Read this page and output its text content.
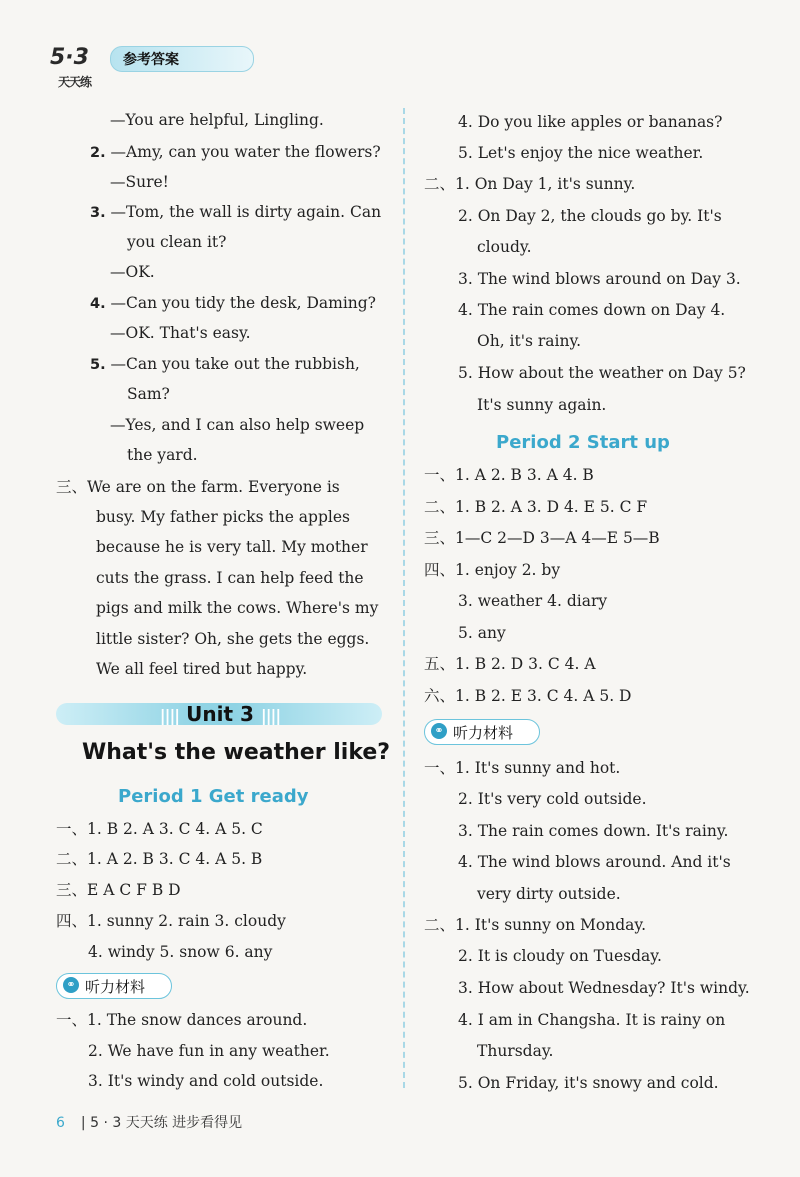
5·3
天天练
参考答案
—You are helpful, Lingling.
2. —Amy, can you water the flowers?
—Sure!
3. —Tom, the wall is dirty again. Can
you clean it?
—OK.
4. —Can you tidy the desk, Daming?
—OK. That's easy.
5. —Can you take out the rubbish,
Sam?
—Yes, and I can also help sweep
the yard.
三、We are on the farm. Everyone is
busy. My father picks the apples
because he is very tall. My mother
cuts the grass. I can help feed the
pigs and milk the cows. Where's my
little sister? Oh, she gets the eggs.
We all feel tired but happy.
|||| Unit 3 ||||
What's the weather like?
Period 1 Get ready
一、1. B 2. A 3. C 4. A 5. C
二、1. A 2. B 3. C 4. A 5. B
三、E A C F B D
四、1. sunny 2. rain 3. cloudy
4. windy 5. snow 6. any
⚭ 听力材料
一、1. The snow dances around.
2. We have fun in any weather.
3. It's windy and cold outside.
4. Do you like apples or bananas?
5. Let's enjoy the nice weather.
二、1. On Day 1, it's sunny.
2. On Day 2, the clouds go by. It's
cloudy.
3. The wind blows around on Day 3.
4. The rain comes down on Day 4.
Oh, it's rainy.
5. How about the weather on Day 5?
It's sunny again.
Period 2 Start up
一、1. A 2. B 3. A 4. B
二、1. B 2. A 3. D 4. E 5. C F
三、1—C 2—D 3—A 4—E 5—B
四、1. enjoy 2. by
3. weather 4. diary
5. any
五、1. B 2. D 3. C 4. A
六、1. B 2. E 3. C 4. A 5. D
⚭ 听力材料
一、1. It's sunny and hot.
2. It's very cold outside.
3. The rain comes down. It's rainy.
4. The wind blows around. And it's
very dirty outside.
二、1. It's sunny on Monday.
2. It is cloudy on Tuesday.
3. How about Wednesday? It's windy.
4. I am in Changsha. It is rainy on
Thursday.
5. On Friday, it's snowy and cold.
6 | 5 · 3 天天练 进步看得见
